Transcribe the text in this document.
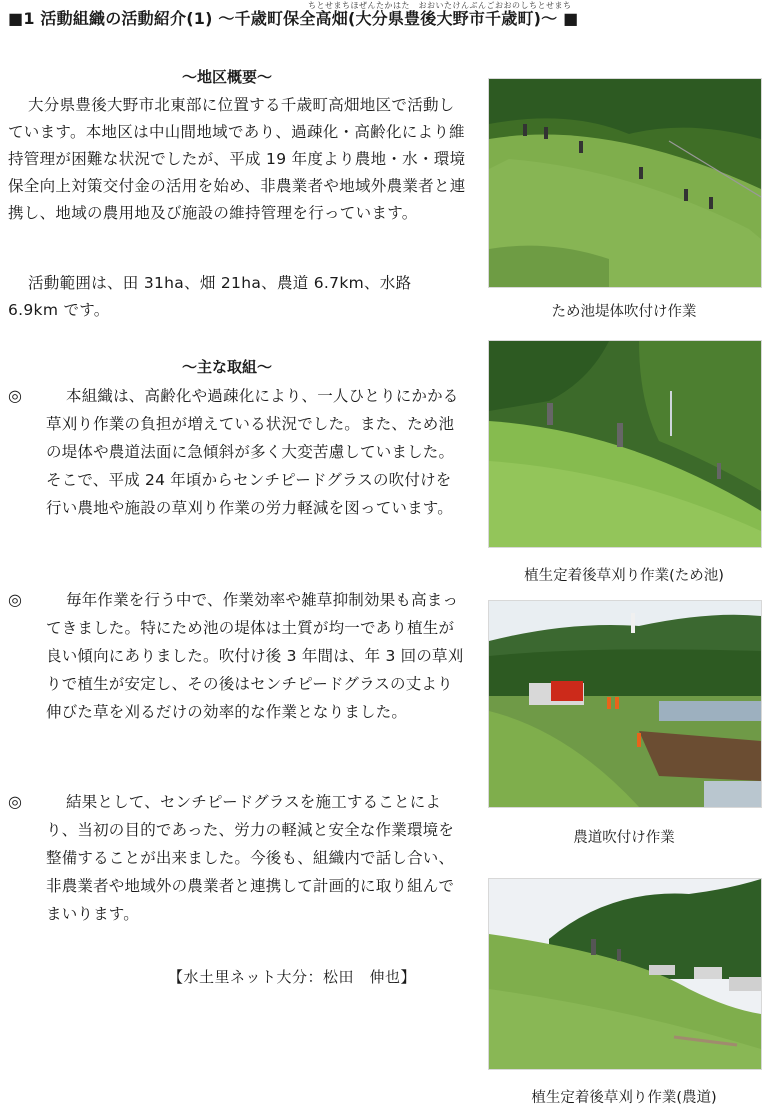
ちとせまちほぜんたかはた　おおいたけんぶんごおおのしちとせまち
■1 活動組織の活動紹介(1) ～千歳町保全高畑(大分県豊後大野市千歳町)～ ■
～地区概要～
大分県豊後大野市北東部に位置する千歳町高畑地区で活動しています。本地区は中山間地域であり、過疎化・高齢化により維持管理が困難な状況でしたが、平成 19 年度より農地・水・環境保全向上対策交付金の活用を始め、非農業者や地域外農業者と連携し、地域の農用地及び施設の維持管理を行っています。
活動範囲は、田 31ha、畑 21ha、農道 6.7km、水路 6.9km です。
～主な取組～
◎	本組織は、高齢化や過疎化により、一人ひとりにかかる草刈り作業の負担が増えている状況でした。また、ため池の堤体や農道法面に急傾斜が多く大変苦慮していました。そこで、平成 24 年頃からセンチピードグラスの吹付けを行い農地や施設の草刈り作業の労力軽減を図っています。
◎	毎年作業を行う中で、作業効率や雑草抑制効果も高まってきました。特にため池の堤体は土質が均一であり植生が良い傾向にありました。吹付け後 3 年間は、年 3 回の草刈りで植生が安定し、その後はセンチピードグラスの丈より伸びた草を刈るだけの効率的な作業となりました。
◎	結果として、センチピードグラスを施工することにより、当初の目的であった、労力の軽減と安全な作業環境を整備することが出来ました。今後も、組織内で話し合い、非農業者や地域外の農業者と連携して計画的に取り組んでまいります。
【水土里ネット大分：松田　伸也】
ため池堤体吹付け作業
植生定着後草刈り作業(ため池)
農道吹付け作業
植生定着後草刈り作業(農道)
